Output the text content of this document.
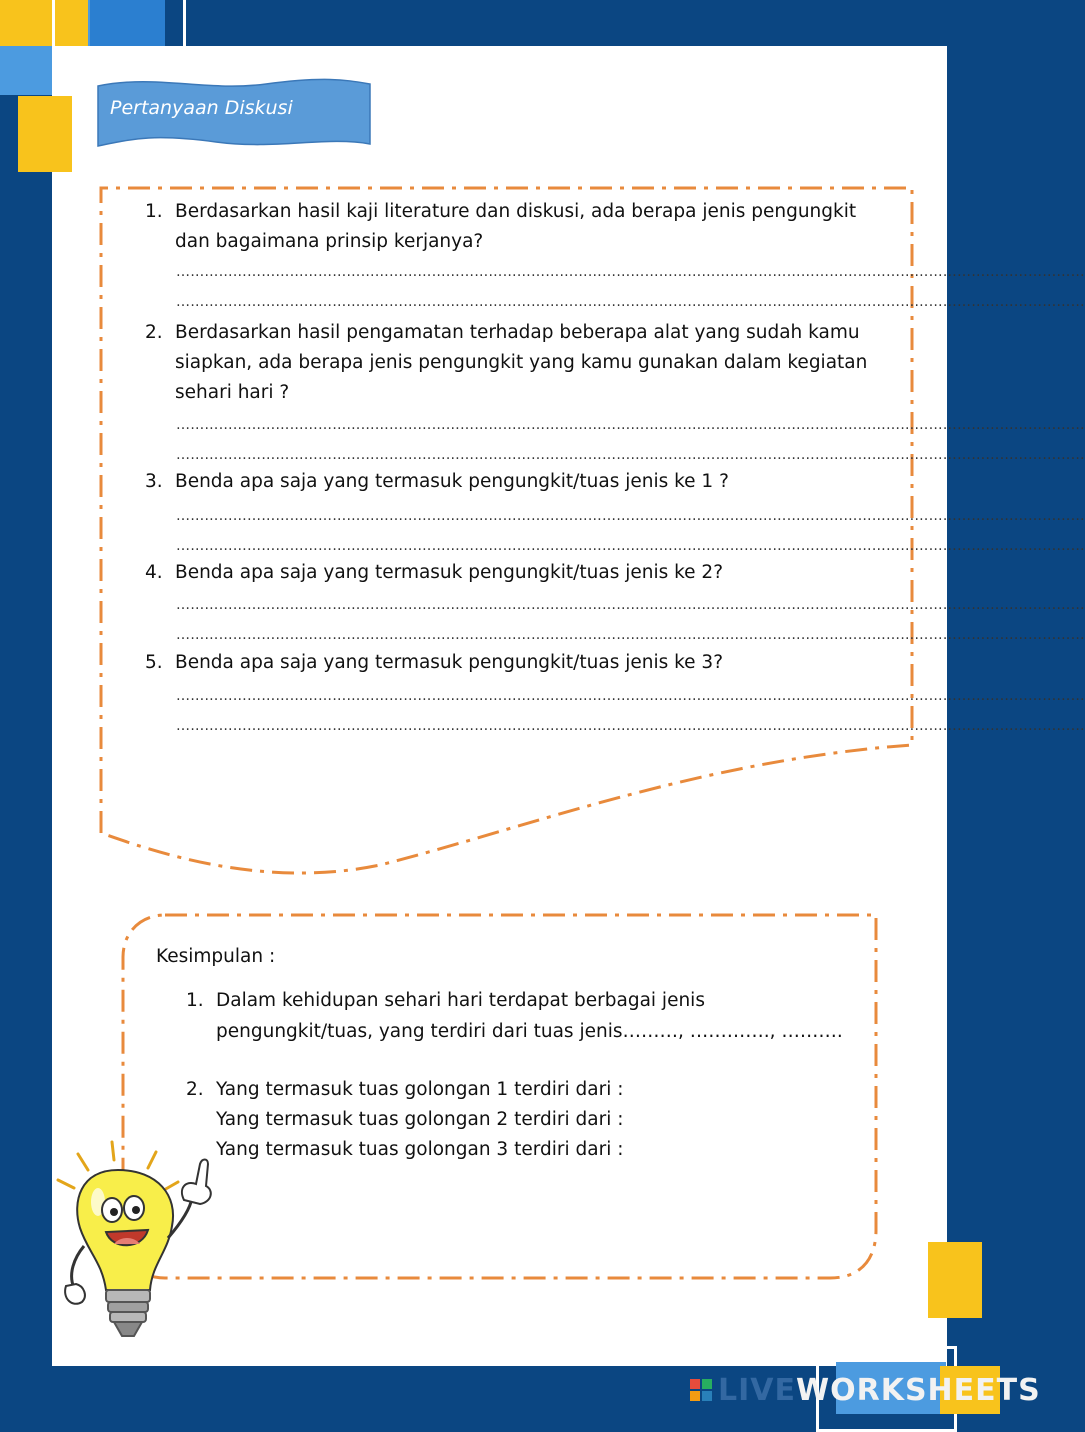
Pertanyaan Diskusi
1. Berdasarkan hasil kaji literature dan diskusi, ada berapa jenis pengungkit
dan bagaimana prinsip kerjanya?
…………………………………………………………………………………………………………………………………………………………………………
…………………………………………………………………………………………………………………………………………………………………………
2. Berdasarkan hasil pengamatan terhadap beberapa alat yang sudah kamu
siapkan, ada berapa jenis pengungkit yang kamu gunakan dalam kegiatan
sehari hari ?
…………………………………………………………………………………………………………………………………………………………………………
…………………………………………………………………………………………………………………………………………………………………………
3. Benda apa saja yang termasuk pengungkit/tuas jenis ke 1 ?
…………………………………………………………………………………………………………………………………………………………………………
…………………………………………………………………………………………………………………………………………………………………………
4. Benda apa saja yang termasuk pengungkit/tuas jenis ke 2?
…………………………………………………………………………………………………………………………………………………………………………
…………………………………………………………………………………………………………………………………………………………………………
5. Benda apa saja yang termasuk pengungkit/tuas jenis ke 3?
…………………………………………………………………………………………………………………………………………………………………………
…………………………………………………………………………………………………………………………………………………………………………
Kesimpulan :
1. Dalam kehidupan sehari hari terdapat berbagai jenis
pengungkit/tuas, yang terdiri dari tuas jenis………, …………., ……….
2. Yang termasuk tuas golongan 1 terdiri dari :
Yang termasuk tuas golongan 2 terdiri dari :
Yang termasuk tuas golongan 3 terdiri dari :
LIVE WORKSHEETS
